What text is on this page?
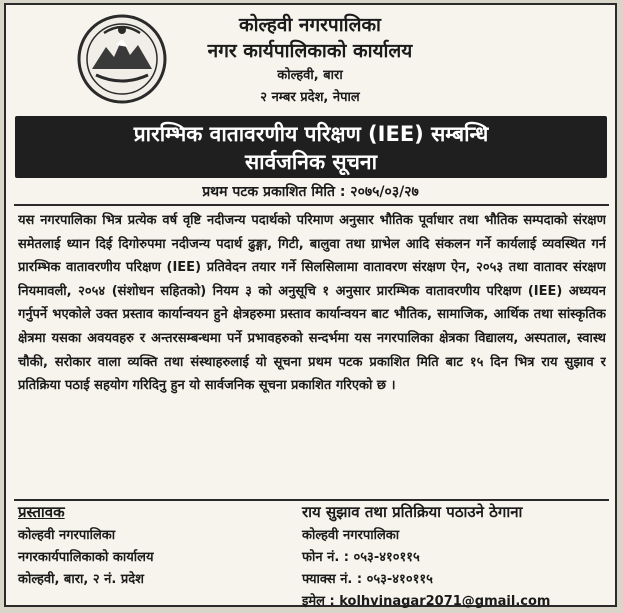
कोल्हवी नगरपालिका
नगर कार्यपालिकाको कार्यालय
कोल्हवी, बारा
२ नम्बर प्रदेश, नेपाल
प्रारम्भिक वातावरणीय परिक्षण (IEE) सम्बन्धि
सार्वजनिक सूचना
प्रथम पटक प्रकाशित मिति : २०७५/०३/२७
यस नगरपालिका भित्र प्रत्येक वर्ष वृष्टि नदीजन्य पदार्थको परिमाण अनुसार भौतिक पूर्वाधार तथा भौतिक सम्पदाको संरक्षण समेतलाई ध्यान दिई दिगोरुपमा नदीजन्य पदार्थ ढुङ्गा, गिटी, बालुवा तथा ग्राभेल आदि संकलन गर्ने कार्यलाई व्यवस्थित गर्न प्रारम्भिक वातावरणीय परिक्षण (IEE) प्रतिवेदन तयार गर्ने सिलसिलामा वातावरण संरक्षण ऐन, २०५३ तथा वातावर संरक्षण नियमावली, २०५४ (संशोधन सहितको) नियम ३ को अनुसूचि १ अनुसार प्रारम्भिक वातावरणीय परिक्षण (IEE) अध्ययन गर्नुपर्ने भएकोले उक्त प्रस्ताव कार्यान्वयन हुने क्षेत्रहरुमा प्रस्ताव कार्यान्वयन बाट भौतिक, सामाजिक, आर्थिक तथा सांस्कृतिक क्षेत्रमा यसका अवयवहरु र अन्तरसम्बन्धमा पर्ने प्रभावहरुको सन्दर्भमा यस नगरपालिका क्षेत्रका विद्यालय, अस्पताल, स्वास्थ चौकी, सरोकार वाला व्यक्ति तथा संस्थाहरुलाई यो सूचना प्रथम पटक प्रकाशित मिति बाट १५ दिन भित्र राय सुझाव र प्रतिक्रिया पठाई सहयोग गरिदिनु हुन यो सार्वजनिक सूचना प्रकाशित गरिएको छ ।
प्रस्तावक
कोल्हवी नगरपालिका
नगरकार्यपालिकाको कार्यालय
कोल्हवी, बारा, २ नं. प्रदेश
राय सुझाव तथा प्रतिक्रिया पठाउने ठेगाना
कोल्हवी नगरपालिका
फोन नं. : ०५३-४१०११५
फ्याक्स नं. : ०५३-४१०११५
इमेल : kolhvinagar2071@gmail.com
